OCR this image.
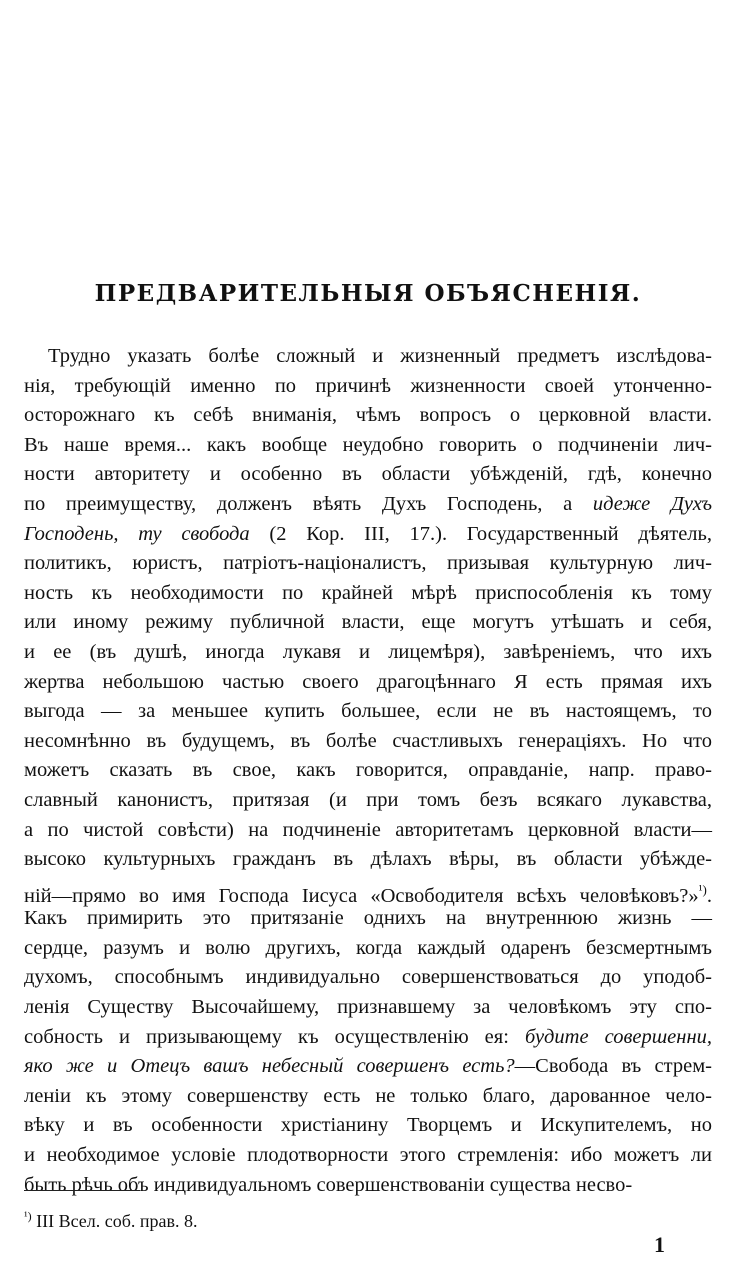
ПРЕДВАРИТЕЛЬНЫЯ ОБЪЯСНЕНІЯ.
Трудно указать болѣе сложный и жизненный предметъ изслѣдова-
нія, требующій именно по причинѣ жизненности своей утонченно-
осторожнаго къ себѣ вниманія, чѣмъ вопросъ о церковной власти.
Въ наше время... какъ вообще неудобно говорить о подчиненіи лич-
ности авторитету и особенно въ области убѣжденій, гдѣ, конечно
по преимуществу, долженъ вѣять Духъ Господень, а идеже Духъ
Господень, ту свобода (2 Кор. III, 17.). Государственный дѣятель,
политикъ, юристъ, патріотъ-націоналистъ, призывая культурную лич-
ность къ необходимости по крайней мѣрѣ приспособленія къ тому
или иному режиму публичной власти, еще могутъ утѣшать и себя,
и ее (въ душѣ, иногда лукавя и лицемѣря), завѣреніемъ, что ихъ
жертва небольшою частью своего драгоцѣннаго Я есть прямая ихъ
выгода — за меньшее купить большее, если не въ настоящемъ, то
несомнѣнно въ будущемъ, въ болѣе счастливыхъ генераціяхъ. Но что
можетъ сказать въ свое, какъ говорится, оправданіе, напр. право-
славный канонистъ, притязая (и при томъ безъ всякаго лукавства,
а по чистой совѣсти) на подчиненіе авторитетамъ церковной власти—
высоко культурныхъ гражданъ въ дѣлахъ вѣры, въ области убѣжде-
ній—прямо во имя Господа Іисуса «Освободителя всѣхъ человѣковъ?»$^{^1)}$.
Какъ примирить это притязаніе однихъ на внутреннюю жизнь —
сердце, разумъ и волю другихъ, когда каждый одаренъ безсмертнымъ
духомъ, способнымъ индивидуально совершенствоваться до уподоб-
ленія Существу Высочайшему, признавшему за человѣкомъ эту спо-
собность и призывающему къ осуществленію ея: будите совершенни,
яко же и Отецъ вашъ небесный совершенъ есть?—Свобода въ стрем-
леніи къ этому совершенству есть не только благо, дарованное чело-
вѣку и въ особенности христіанину Творцемъ и Искупителемъ, но
и необходимое условіе плодотворности этого стремленія: ибо можетъ ли
быть рѣчь объ индивидуальномъ совершенствованіи существа несво-
$^{^1)}$ III Всел. соб. прав. 8.
1
